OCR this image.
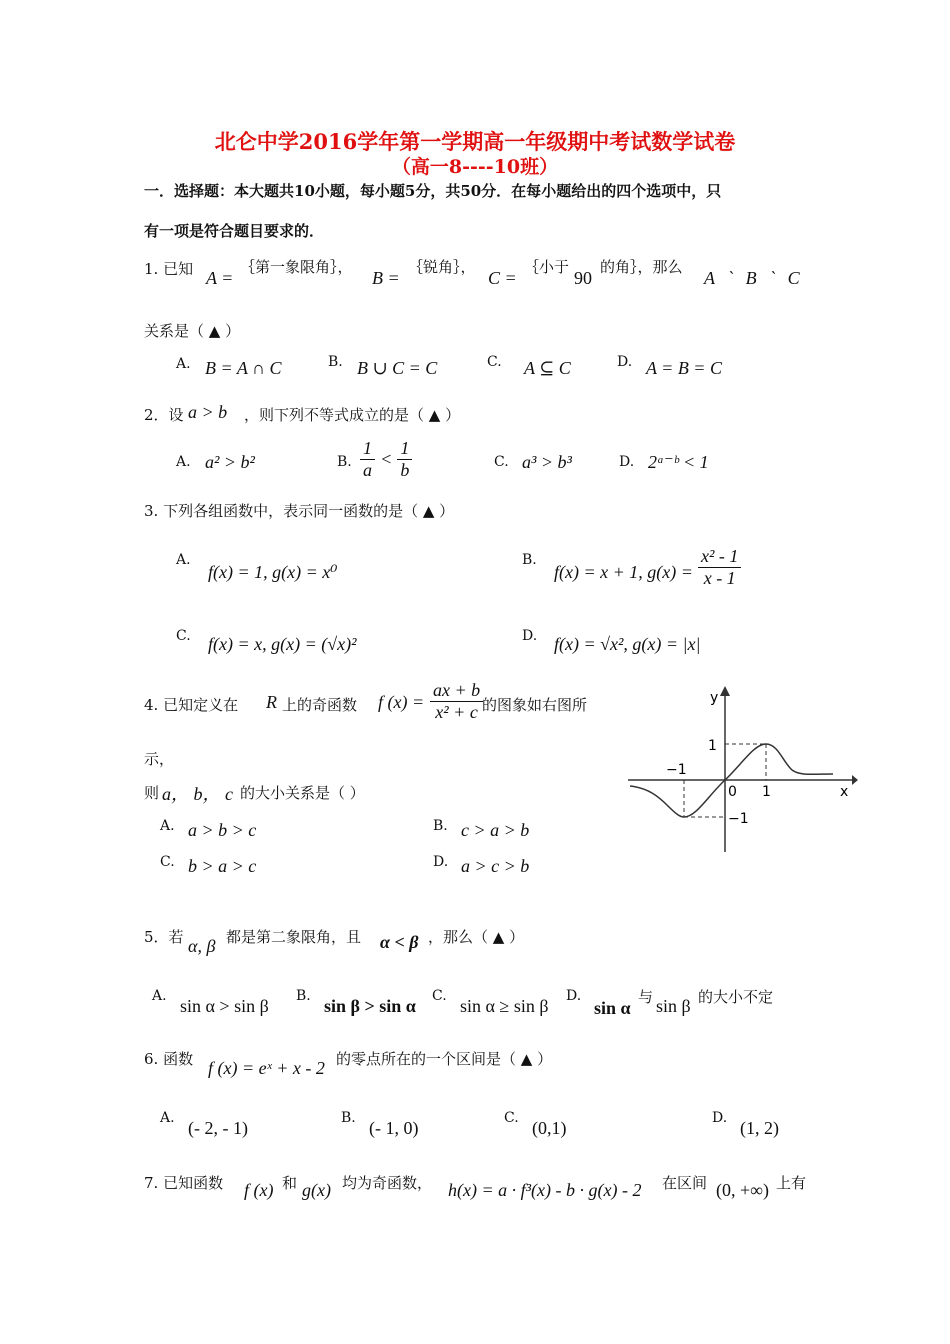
北仑中学2016学年第一学期高一年级期中考试数学试卷
（高一8----10班）
一．选择题：本大题共10小题，每小题5分，共50分．在每小题给出的四个选项中，只
有一项是符合题目要求的．
1. 已知 A =
｛第一象限角｝，
B =
｛锐角｝，
C =
｛小于
90
的角｝，那么
A ` B ` C
关系是（ ▲ ）
A. B = A ∩ C	B. B ∪ C = C	C. A ⊆ C	D. A = B = C
2．设 a > b ，则下列不等式成立的是（ ▲ ）
A. a² > b²	B. $\frac{1}{a} < \frac{1}{b}$	C. a³ > b³	D. 2ᵃ⁻ᵇ < 1
3. 下列各组函数中，表示同一函数的是（ ▲ ）
A.
f(x) = 1, g(x) = x⁰
B.
f(x) = x + 1, $g(x) = \frac{\text{x² - 1}}{x - 1}$
C. f(x) = x, g(x) = (√x)²	D. f(x) = √x², g(x) = |x|
4. 已知定义在 R 上的奇函数 f $(x) = \frac{ax + b}{\text{x² + c}}$
的图象如右图所
示，
则 a， b， c 的大小关系是（ ）
A. a > b > c	B. c > a > b
C. b > a > c	D. a > c > b
y
x
1
−1
0 1
−1
5．若 α, β 都是第二象限角，且 α < β ，那么（ ▲ ）
A. sin α > sin β B. sin β > sin α C. sin α ≥ sin β D.
sin α
与 sin β 的大小不定
6. 函数 f (x) = eˣ + x - 2 的零点所在的一个区间是（ ▲ ）
A. (- 2, - 1)	B. (- 1, 0)	C. (0,1)	D. (1, 2)
7. 已知函数 f (x) 和 g(x) 均为奇函数， h(x) = a · f³(x) - b · g(x) - 2 在区间 (0, +∞) 上有
